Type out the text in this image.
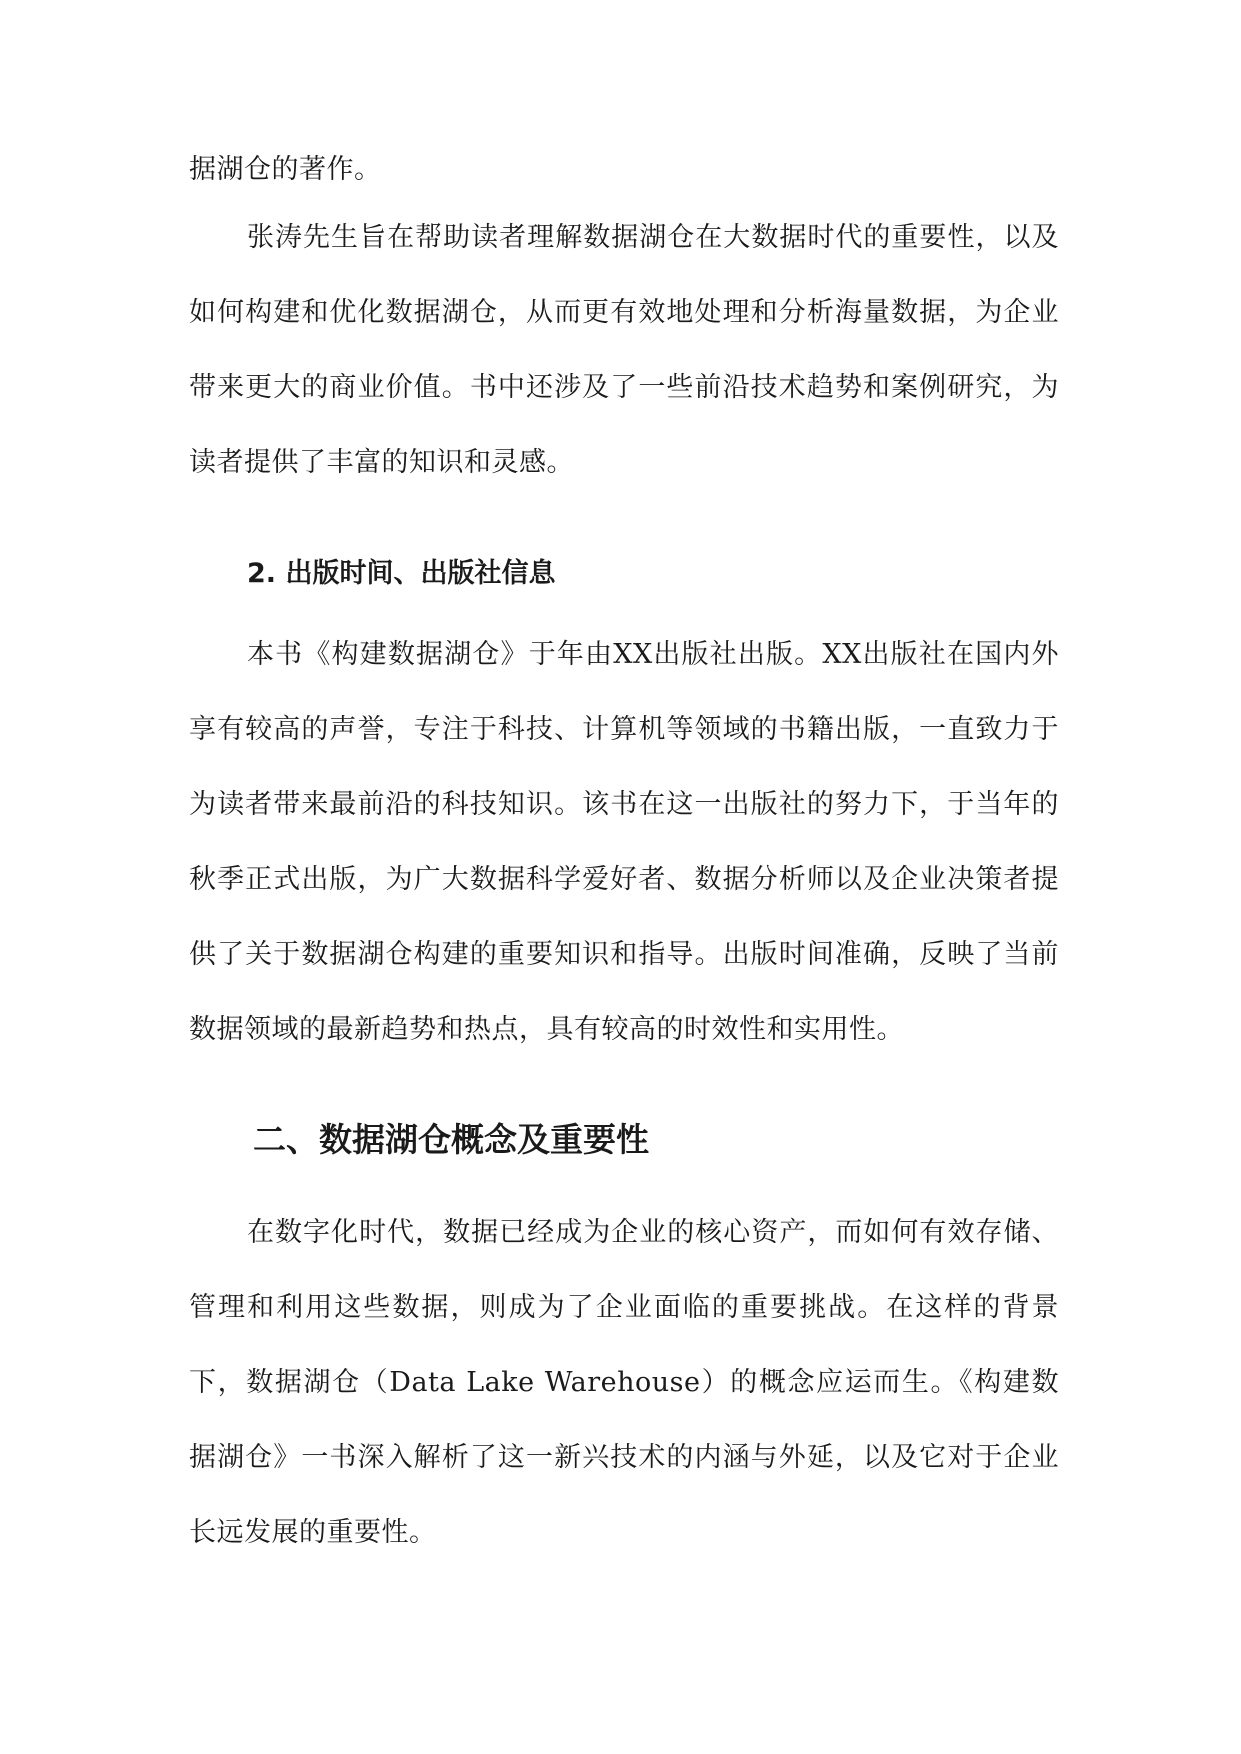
据湖仓的著作。

张涛先生旨在帮助读者理解数据湖仓在大数据时代的重要性，以及如何构建和优化数据湖仓，从而更有效地处理和分析海量数据，为企业带来更大的商业价值。书中还涉及了一些前沿技术趋势和案例研究，为读者提供了丰富的知识和灵感。

2. 出版时间、出版社信息

本书《构建数据湖仓》于年由XX出版社出版。XX出版社在国内外享有较高的声誉，专注于科技、计算机等领域的书籍出版，一直致力于为读者带来最前沿的科技知识。该书在这一出版社的努力下，于当年的秋季正式出版，为广大数据科学爱好者、数据分析师以及企业决策者提供了关于数据湖仓构建的重要知识和指导。出版时间准确，反映了当前数据领域的最新趋势和热点，具有较高的时效性和实用性。

二、数据湖仓概念及重要性

在数字化时代，数据已经成为企业的核心资产，而如何有效存储、管理和利用这些数据，则成为了企业面临的重要挑战。在这样的背景下，数据湖仓（Data Lake Warehouse）的概念应运而生。《构建数据湖仓》一书深入解析了这一新兴技术的内涵与外延，以及它对于企业长远发展的重要性。
